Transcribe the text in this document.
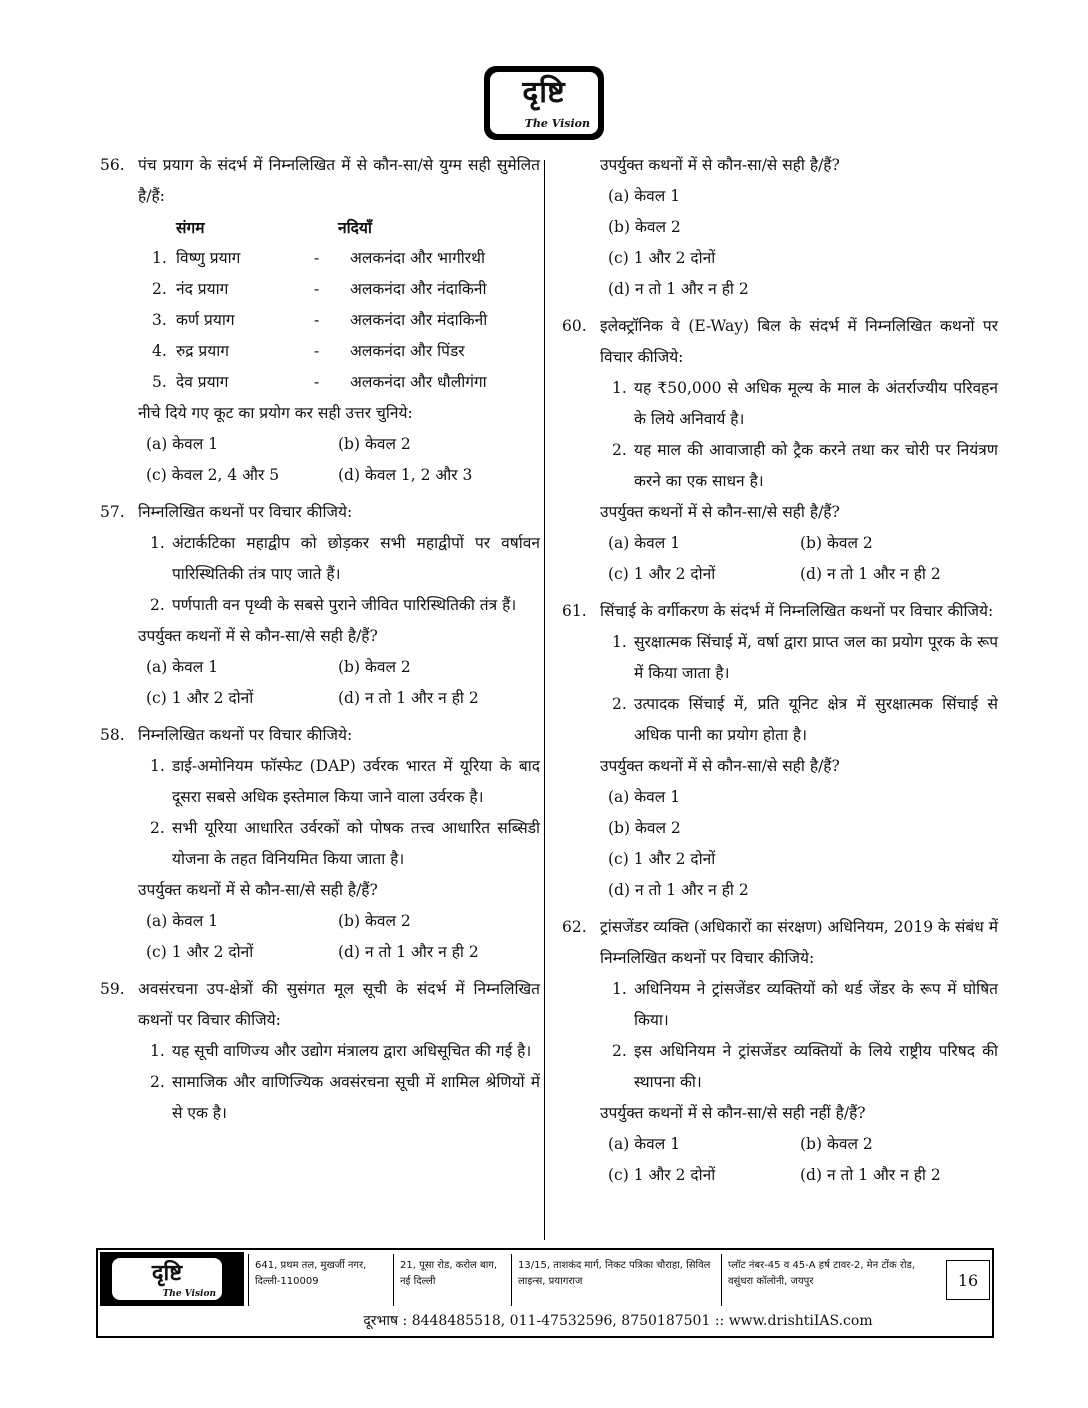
दृष्टि
The Vision
56. पंच प्रयाग के संदर्भ में निम्नलिखित में से कौन-सा/से युग्म सही सुमेलित है/हैं:
संगम	नदियाँ
1. विष्णु प्रयाग	-	अलकनंदा और भागीरथी
2. नंद प्रयाग	-	अलकनंदा और नंदाकिनी
3. कर्ण प्रयाग	-	अलकनंदा और मंदाकिनी
4. रुद्र प्रयाग	-	अलकनंदा और पिंडर
5. देव प्रयाग	-	अलकनंदा और धौलीगंगा
नीचे दिये गए कूट का प्रयोग कर सही उत्तर चुनिये:
(a) केवल 1	(b) केवल 2
(c) केवल 2, 4 और 5	(d) केवल 1, 2 और 3
57. निम्नलिखित कथनों पर विचार कीजिये:
1. अंटार्कटिका महाद्वीप को छोड़कर सभी महाद्वीपों पर वर्षावन पारिस्थितिकी तंत्र पाए जाते हैं।
2. पर्णपाती वन पृथ्वी के सबसे पुराने जीवित पारिस्थितिकी तंत्र हैं।
उपर्युक्त कथनों में से कौन-सा/से सही है/हैं?
(a) केवल 1	(b) केवल 2
(c) 1 और 2 दोनों	(d) न तो 1 और न ही 2
58. निम्नलिखित कथनों पर विचार कीजिये:
1. डाई-अमोनियम फॉस्फेट (DAP) उर्वरक भारत में यूरिया के बाद दूसरा सबसे अधिक इस्तेमाल किया जाने वाला उर्वरक है।
2. सभी यूरिया आधारित उर्वरकों को पोषक तत्त्व आधारित सब्सिडी योजना के तहत विनियमित किया जाता है।
उपर्युक्त कथनों में से कौन-सा/से सही है/हैं?
(a) केवल 1	(b) केवल 2
(c) 1 और 2 दोनों	(d) न तो 1 और न ही 2
59. अवसंरचना उप-क्षेत्रों की सुसंगत मूल सूची के संदर्भ में निम्नलिखित कथनों पर विचार कीजिये:
1. यह सूची वाणिज्य और उद्योग मंत्रालय द्वारा अधिसूचित की गई है।
2. सामाजिक और वाणिज्यिक अवसंरचना सूची में शामिल श्रेणियों में से एक है।
उपर्युक्त कथनों में से कौन-सा/से सही है/हैं?
(a) केवल 1
(b) केवल 2
(c) 1 और 2 दोनों
(d) न तो 1 और न ही 2
60. इलेक्ट्रॉनिक वे (E-Way) बिल के संदर्भ में निम्नलिखित कथनों पर विचार कीजिये:
1. यह ₹50,000 से अधिक मूल्य के माल के अंतर्राज्यीय परिवहन के लिये अनिवार्य है।
2. यह माल की आवाजाही को ट्रैक करने तथा कर चोरी पर नियंत्रण करने का एक साधन है।
उपर्युक्त कथनों में से कौन-सा/से सही है/हैं?
(a) केवल 1	(b) केवल 2
(c) 1 और 2 दोनों	(d) न तो 1 और न ही 2
61. सिंचाई के वर्गीकरण के संदर्भ में निम्नलिखित कथनों पर विचार कीजिये:
1. सुरक्षात्मक सिंचाई में, वर्षा द्वारा प्राप्त जल का प्रयोग पूरक के रूप में किया जाता है।
2. उत्पादक सिंचाई में, प्रति यूनिट क्षेत्र में सुरक्षात्मक सिंचाई से अधिक पानी का प्रयोग होता है।
उपर्युक्त कथनों में से कौन-सा/से सही है/हैं?
(a) केवल 1
(b) केवल 2
(c) 1 और 2 दोनों
(d) न तो 1 और न ही 2
62. ट्रांसजेंडर व्यक्ति (अधिकारों का संरक्षण) अधिनियम, 2019 के संबंध में निम्नलिखित कथनों पर विचार कीजिये:
1. अधिनियम ने ट्रांसजेंडर व्यक्तियों को थर्ड जेंडर के रूप में घोषित किया।
2. इस अधिनियम ने ट्रांसजेंडर व्यक्तियों के लिये राष्ट्रीय परिषद की स्थापना की।
उपर्युक्त कथनों में से कौन-सा/से सही नहीं है/हैं?
(a) केवल 1	(b) केवल 2
(c) 1 और 2 दोनों	(d) न तो 1 और न ही 2
दृष्टि
The Vision
641, प्रथम तल, मुखर्जी नगर, दिल्ली-110009
21, पूसा रोड, करोल बाग, नई दिल्ली
13/15, ताशकंद मार्ग, निकट पत्रिका चौराहा, सिविल लाइन्स, प्रयागराज
प्लॉट नंबर-45 व 45-A हर्ष टावर-2, मेन टोंक रोड, वसुंधरा कॉलोनी, जयपुर	16
दूरभाष : 8448485518, 011-47532596, 8750187501 :: www.drishtiIAS.com
